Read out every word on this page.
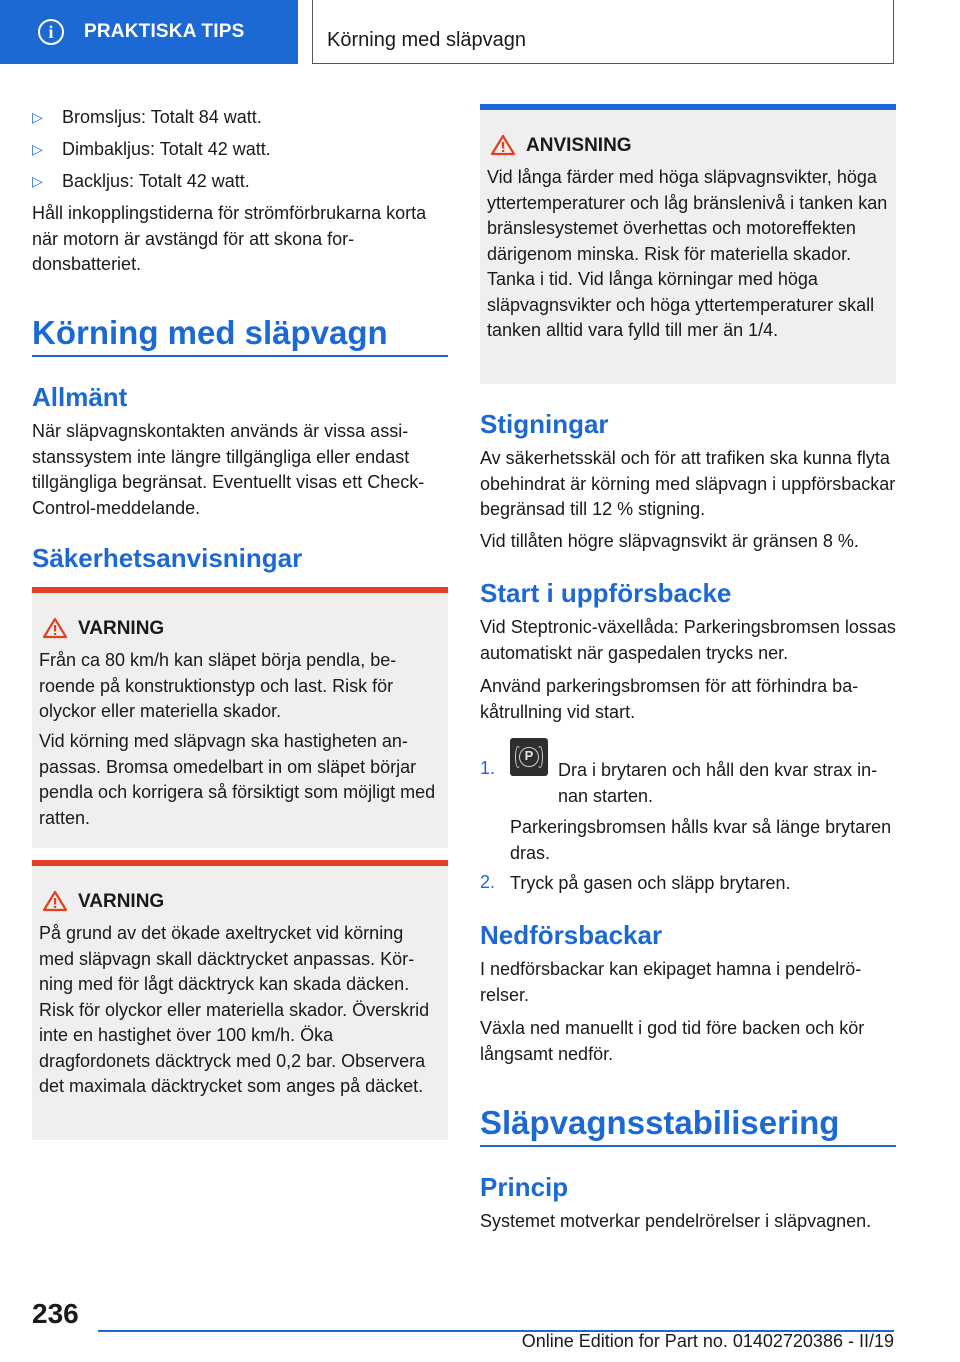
i	PRAKTISKA TIPS	Körning med släpvagn
▷ Bromsljus: Totalt 84 watt.
▷ Dimbakljus: Totalt 42 watt.
▷ Backljus: Totalt 42 watt.

Håll inkopplingstiderna för strömförbrukarna korta när motorn är avstängd för att skona fordonsbatteriet.

Körning med släpvagn
Allmänt

När släpvagnskontakten används är vissa assistanssystem inte längre tillgängliga eller endast tillgängliga begränsat. Eventuellt visas ett Check-Control-meddelande.

Säkerhetsanvisningar
VARNING

Från ca 80 km/h kan släpet börja pendla, beroende på konstruktionstyp och last. Risk för olyckor eller materiella skador.

Vid körning med släpvagn ska hastigheten anpassas. Bromsa omedelbart in om släpet börjar pendla och korrigera så försiktigt som möjligt med ratten.

VARNING

På grund av det ökade axeltrycket vid körning med släpvagn skall däcktrycket anpassas. Körning med för lågt däcktryck kan skada däcken. Risk för olyckor eller materiella skador. Överskrid inte en hastighet över 100 km/h. Öka dragfordonets däcktryck med 0,2 bar. Observera det maximala däcktrycket som anges på däcket.

ANVISNING

Vid långa färder med höga släpvagnsvikter, höga yttertemperaturer och låg bränslenivå i tanken kan bränslesystemet överhettas och motoreffekten därigenom minska. Risk för materiella skador. Tanka i tid. Vid långa körningar med höga släpvagnsvikter och höga yttertemperaturer skall tanken alltid vara fylld till mer än 1/4.

Stigningar

Av säkerhetsskäl och för att trafiken ska kunna flyta obehindrat är körning med släpvagn i uppförsbackar begränsad till 12 % stigning.

Vid tillåten högre släpvagnsvikt är gränsen 8 %.

Start i uppförsbacke

Vid Steptronic-växellåda: Parkeringsbromsen lossas automatiskt när gaspedalen trycks ner.

Använd parkeringsbromsen för att förhindra bakåtrullning vid start.

1.
P

Dra i brytaren och håll den kvar strax innan starten.

Parkeringsbromsen hålls kvar så länge brytaren dras.

2. Tryck på gasen och släpp brytaren.

Nedförsbackar

I nedförsbackar kan ekipaget hamna i pendelrörelser.

Växla ned manuellt i god tid före backen och kör långsamt nedför.

Släpvagnsstabilisering
Princip

Systemet motverkar pendelrörelser i släpvagnen.

236
Online Edition for Part no. 01402720386 - II/19
